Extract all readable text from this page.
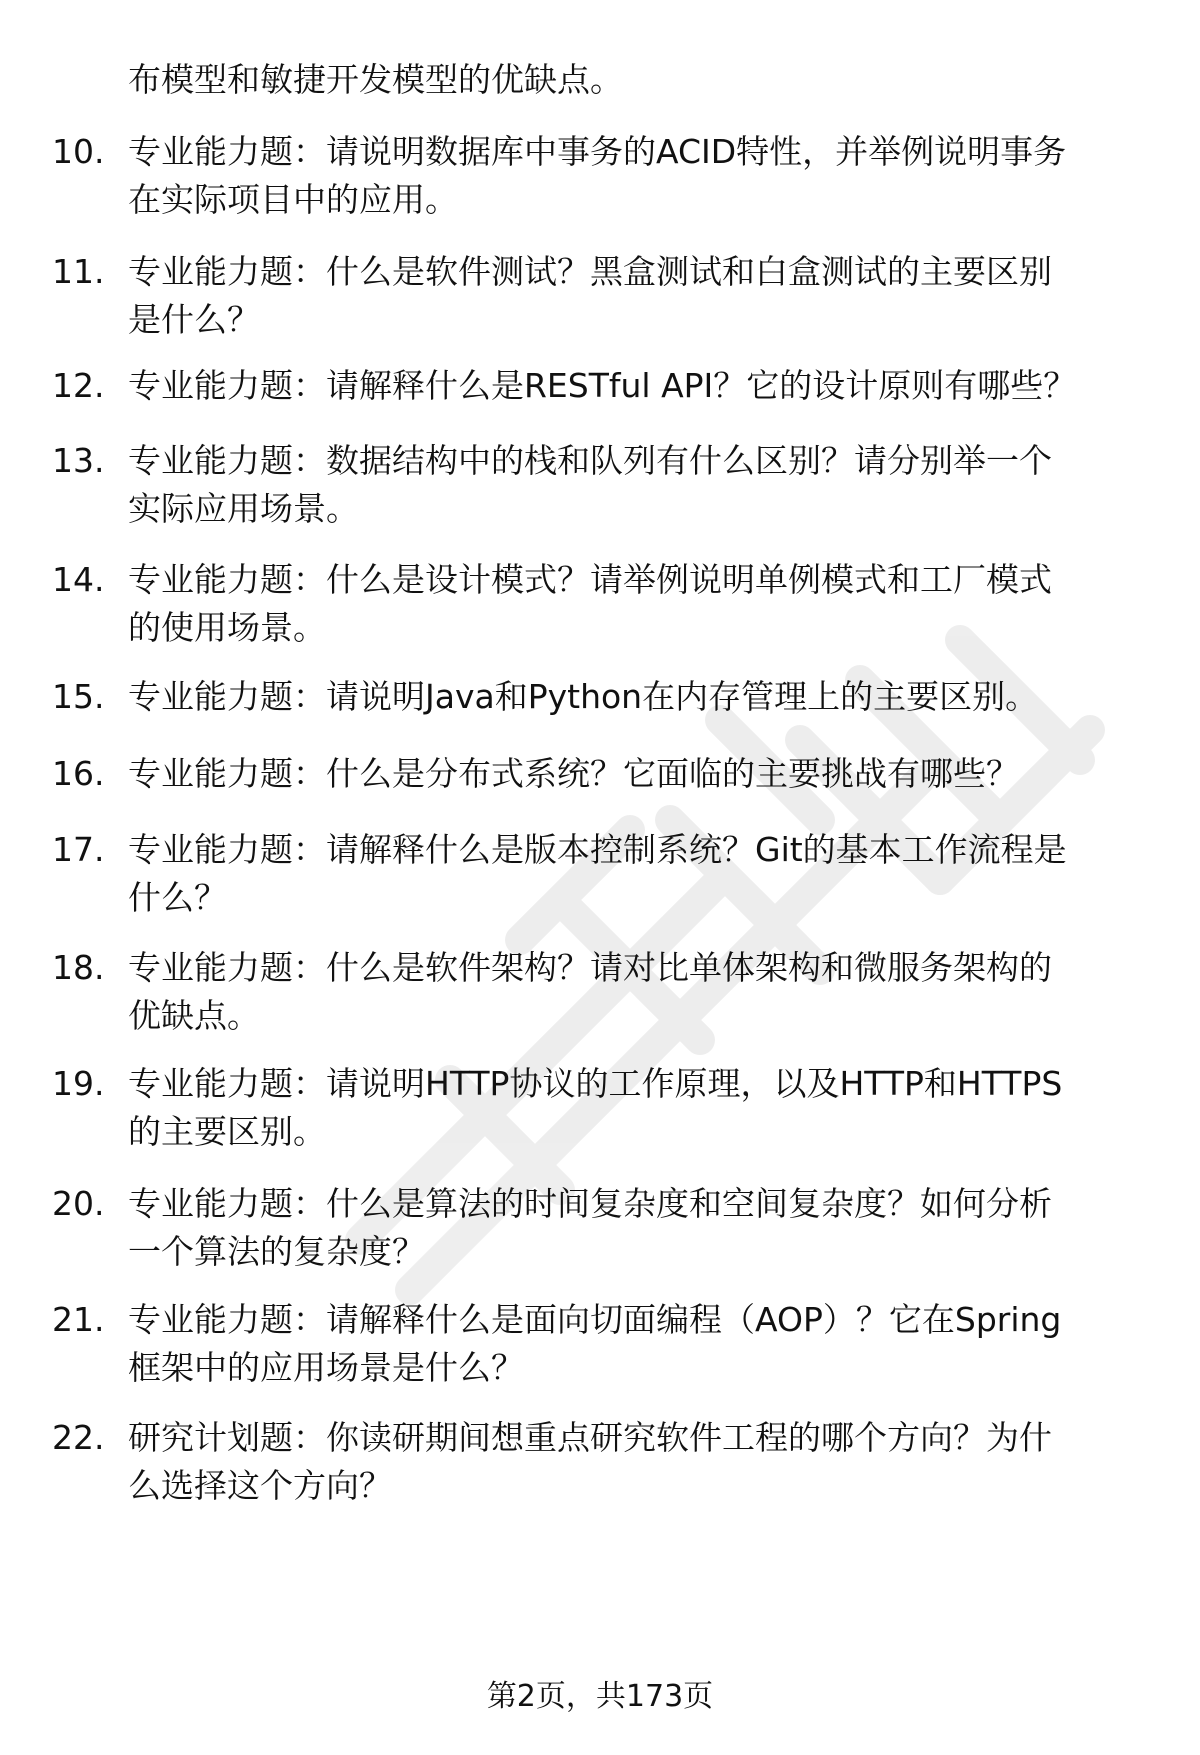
布模型和敏捷开发模型的优缺点。
10. 专业能力题：请说明数据库中事务的ACID特性，并举例说明事务
在实际项目中的应用。
11. 专业能力题：什么是软件测试？黑盒测试和白盒测试的主要区别
是什么？
12. 专业能力题：请解释什么是RESTful API？它的设计原则有哪些？
13. 专业能力题：数据结构中的栈和队列有什么区别？请分别举一个
实际应用场景。
14. 专业能力题：什么是设计模式？请举例说明单例模式和工厂模式
的使用场景。
15. 专业能力题：请说明Java和Python在内存管理上的主要区别。
16. 专业能力题：什么是分布式系统？它面临的主要挑战有哪些？
17. 专业能力题：请解释什么是版本控制系统？Git的基本工作流程是
什么？
18. 专业能力题：什么是软件架构？请对比单体架构和微服务架构的
优缺点。
19. 专业能力题：请说明HTTP协议的工作原理，以及HTTP和HTTPS
的主要区别。
20. 专业能力题：什么是算法的时间复杂度和空间复杂度？如何分析
一个算法的复杂度？
21. 专业能力题：请解释什么是面向切面编程（AOP）？它在Spring
框架中的应用场景是什么？
22. 研究计划题：你读研期间想重点研究软件工程的哪个方向？为什
么选择这个方向？
第2页，共173页
